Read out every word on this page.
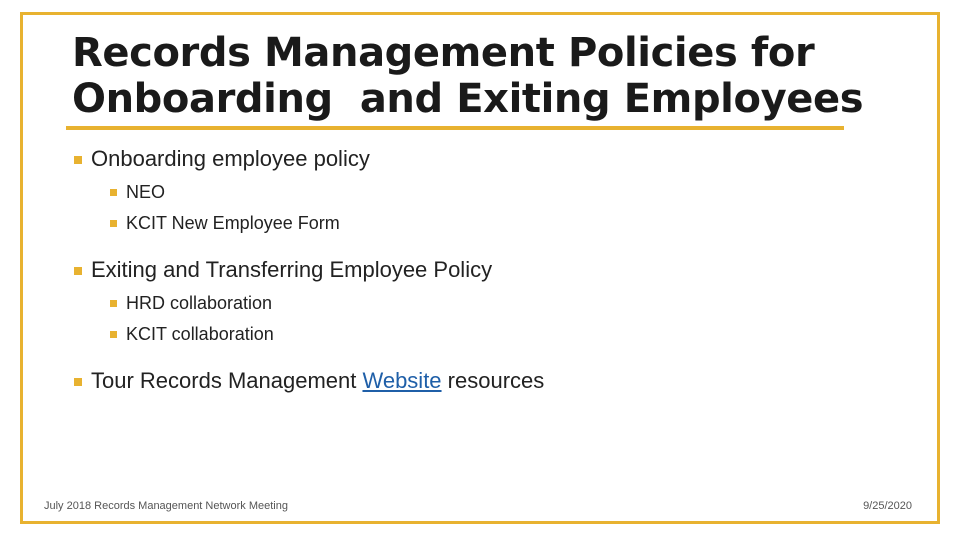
Records Management Policies for
Onboarding  and Exiting Employees
Onboarding employee policy
NEO
KCIT New Employee Form
Exiting and Transferring Employee Policy
HRD collaboration
KCIT collaboration
Tour Records Management Website resources
July 2018 Records Management Network Meeting	9/25/2020
